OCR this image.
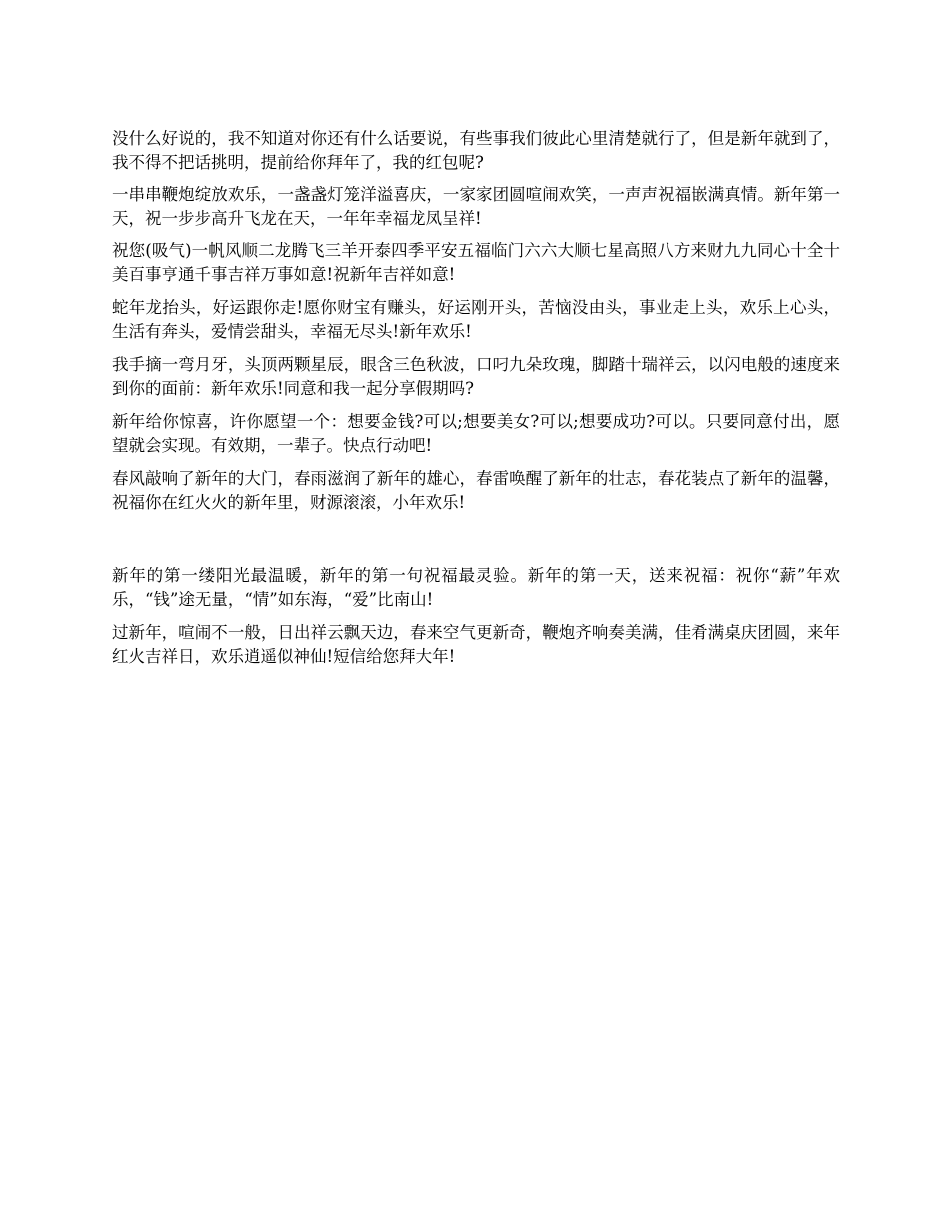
没什么好说的，我不知道对你还有什么话要说，有些事我们彼此心里清楚就行了，但是新年就到了，我不得不把话挑明，提前给你拜年了，我的红包呢?

一串串鞭炮绽放欢乐，一盏盏灯笼洋溢喜庆，一家家团圆喧闹欢笑，一声声祝福嵌满真情。新年第一天，祝一步步高升飞龙在天，一年年幸福龙凤呈祥!

祝您(吸气)一帆风顺二龙腾飞三羊开泰四季平安五福临门六六大顺七星高照八方来财九九同心十全十美百事亨通千事吉祥万事如意!祝新年吉祥如意!

蛇年龙抬头，好运跟你走!愿你财宝有赚头，好运刚开头，苦恼没由头，事业走上头，欢乐上心头，生活有奔头，爱情尝甜头，幸福无尽头!新年欢乐!

我手摘一弯月牙，头顶两颗星辰，眼含三色秋波，口叼九朵玫瑰，脚踏十瑞祥云，以闪电般的速度来到你的面前：新年欢乐!同意和我一起分享假期吗?

新年给你惊喜，许你愿望一个：想要金钱?可以;想要美女?可以;想要成功?可以。只要同意付出，愿望就会实现。有效期，一辈子。快点行动吧!

春风敲响了新年的大门，春雨滋润了新年的雄心，春雷唤醒了新年的壮志，春花装点了新年的温馨，祝福你在红火火的新年里，财源滚滚，小年欢乐!

新年的第一缕阳光最温暖，新年的第一句祝福最灵验。新年的第一天，送来祝福：祝你“薪”年欢乐，“钱”途无量，“情”如东海，“爱”比南山!

过新年，喧闹不一般，日出祥云飘天边，春来空气更新奇，鞭炮齐响奏美满，佳肴满桌庆团圆，来年红火吉祥日，欢乐逍遥似神仙!短信给您拜大年!
